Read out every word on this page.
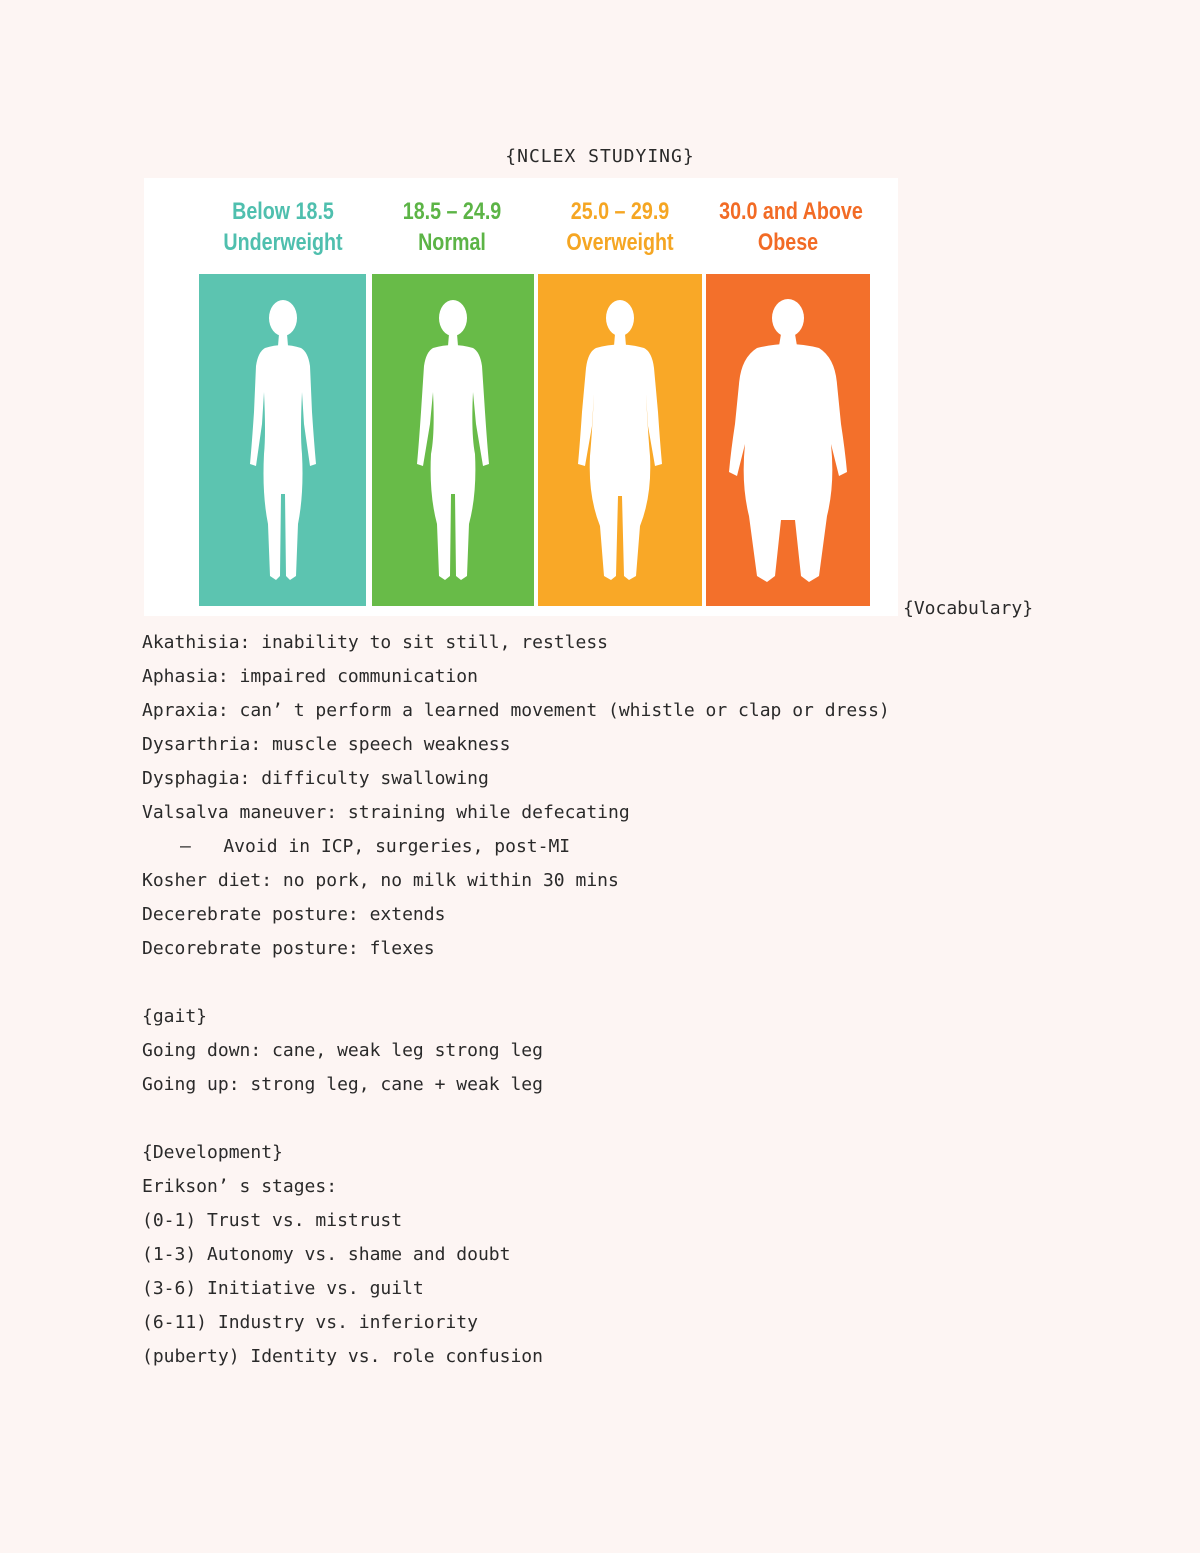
{NCLEX STUDYING}
Below 18.5
Underweight
18.5 – 24.9
Normal
25.0 – 29.9
Overweight
30.0 and Above
Obese
{Vocabulary}
Akathisia: inability to sit still, restless
Aphasia: impaired communication
Apraxia: can’ t perform a learned movement (whistle or clap or dress)
Dysarthria: muscle speech weakness
Dysphagia: difficulty swallowing
Valsalva maneuver: straining while defecating
–   Avoid in ICP, surgeries, post-MI
Kosher diet: no pork, no milk within 30 mins
Decerebrate posture: extends
Decorebrate posture: flexes
{gait}
Going down: cane, weak leg strong leg
Going up: strong leg, cane + weak leg
{Development}
Erikson’ s stages:
(0-1) Trust vs. mistrust
(1-3) Autonomy vs. shame and doubt
(3-6) Initiative vs. guilt
(6-11) Industry vs. inferiority
(puberty) Identity vs. role confusion
